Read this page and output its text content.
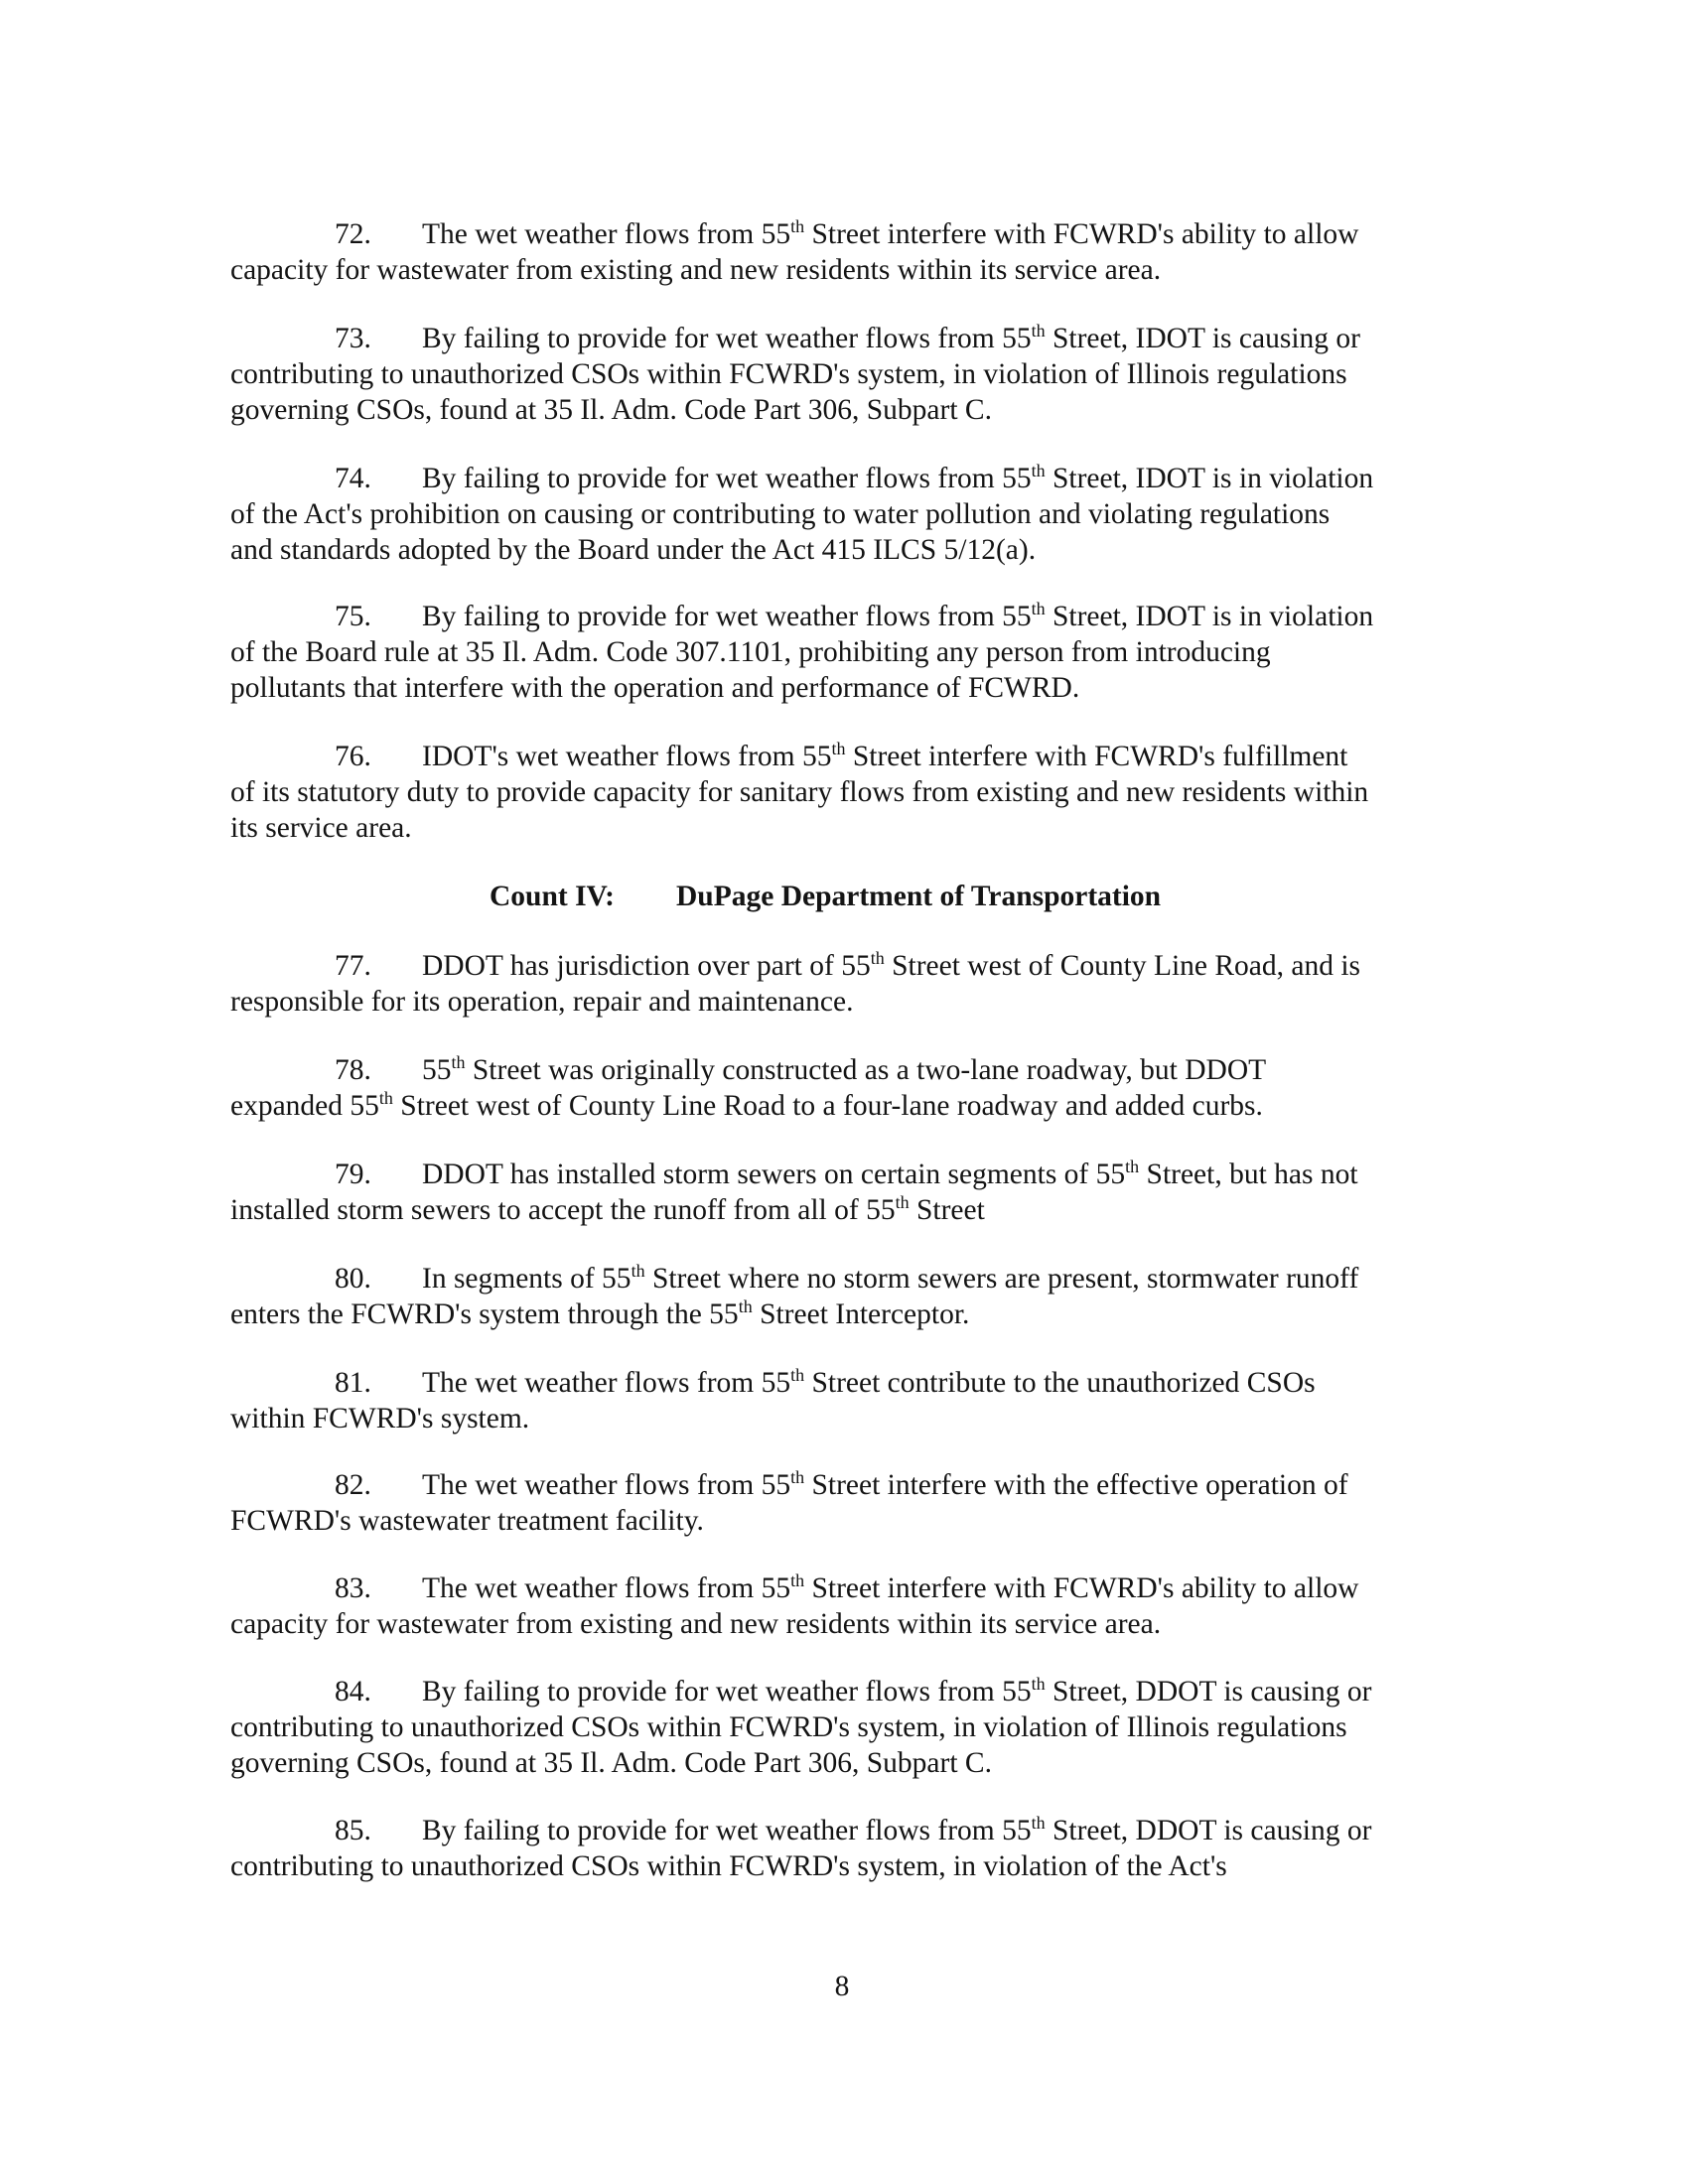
72. The wet weather flows from 55th Street interfere with FCWRD's ability to allow
capacity for wastewater from existing and new residents within its service area.
73. By failing to provide for wet weather flows from 55th Street, IDOT is causing or
contributing to unauthorized CSOs within FCWRD's system, in violation of Illinois regulations
governing CSOs, found at 35 Il. Adm. Code Part 306, Subpart C.
74. By failing to provide for wet weather flows from 55th Street, IDOT is in violation
of the Act's prohibition on causing or contributing to water pollution and violating regulations
and standards adopted by the Board under the Act 415 ILCS 5/12(a).
75. By failing to provide for wet weather flows from 55th Street, IDOT is in violation
of the Board rule at 35 Il. Adm. Code 307.1101, prohibiting any person from introducing
pollutants that interfere with the operation and performance of FCWRD.
76. IDOT's wet weather flows from 55th Street interfere with FCWRD's fulfillment
of its statutory duty to provide capacity for sanitary flows from existing and new residents within
its service area.
Count IV: DuPage Department of Transportation
77. DDOT has jurisdiction over part of 55th Street west of County Line Road, and is
responsible for its operation, repair and maintenance.
78. 55th Street was originally constructed as a two-lane roadway, but DDOT
expanded 55th Street west of County Line Road to a four-lane roadway and added curbs.
79. DDOT has installed storm sewers on certain segments of 55th Street, but has not
installed storm sewers to accept the runoff from all of 55th Street
80. In segments of 55th Street where no storm sewers are present, stormwater runoff
enters the FCWRD's system through the 55th Street Interceptor.
81. The wet weather flows from 55th Street contribute to the unauthorized CSOs
within FCWRD's system.
82. The wet weather flows from 55th Street interfere with the effective operation of
FCWRD's wastewater treatment facility.
83. The wet weather flows from 55th Street interfere with FCWRD's ability to allow
capacity for wastewater from existing and new residents within its service area.
84. By failing to provide for wet weather flows from 55th Street, DDOT is causing or
contributing to unauthorized CSOs within FCWRD's system, in violation of Illinois regulations
governing CSOs, found at 35 Il. Adm. Code Part 306, Subpart C.
85. By failing to provide for wet weather flows from 55th Street, DDOT is causing or
contributing to unauthorized CSOs within FCWRD's system, in violation of the Act's
8
